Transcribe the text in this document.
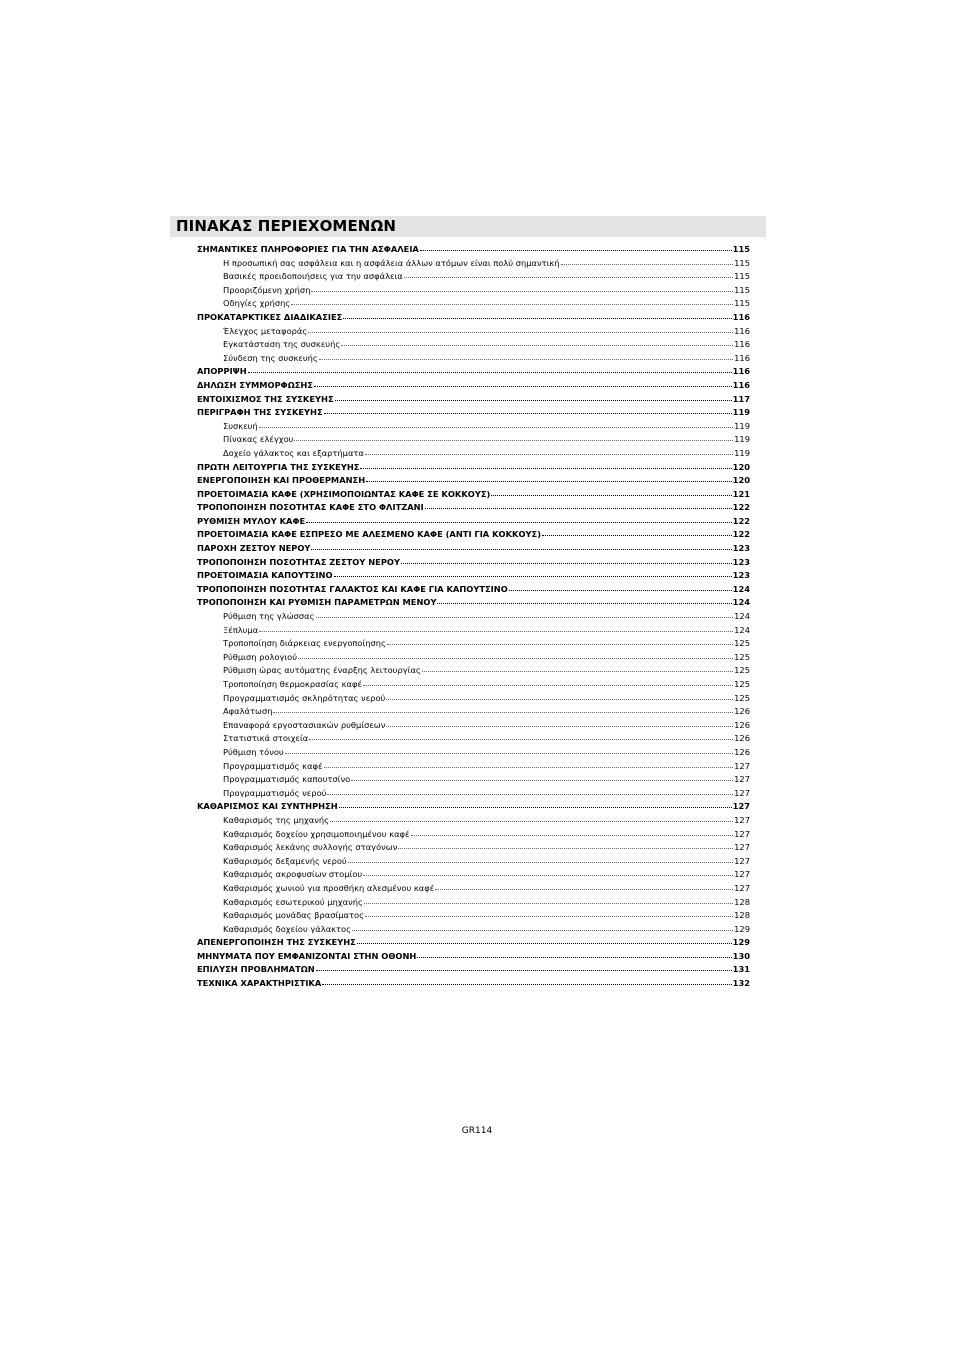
ΠΙΝΑΚΑΣ ΠΕΡΙΕΧΟΜΕΝΩΝ
ΣΗΜΑΝΤΙΚΕΣ ΠΛΗΡΟΦΟΡΙΕΣ ΓΙΑ ΤΗΝ ΑΣΦΑΛΕΙΑ	115
Η προσωπική σας ασφάλεια και η ασφάλεια άλλων ατόμων είναι πολύ σημαντική	115
Βασικές προειδοποιήσεις για την ασφάλεια	115
Προοριζόμενη χρήση	115
Οδηγίες χρήσης	115
ΠΡΟΚΑΤΑΡΚΤΙΚΕΣ ΔΙΑΔΙΚΑΣΙΕΣ	116
Έλεγχος μεταφοράς	116
Εγκατάσταση της συσκευής	116
Σύνδεση της συσκευής	116
ΑΠΟΡΡΙΨΗ	116
ΔΗΛΩΣΗ ΣΥΜΜΟΡΦΩΣΗΣ	116
ΕΝΤΟΙΧΙΣΜΟΣ ΤΗΣ ΣΥΣΚΕΥΗΣ	117
ΠΕΡΙΓΡΑΦΗ ΤΗΣ ΣΥΣΚΕΥΗΣ	119
Συσκευή	119
Πίνακας ελέγχου	119
Δοχείο γάλακτος και εξαρτήματα	119
ΠΡΩΤΗ ΛΕΙΤΟΥΡΓΙΑ ΤΗΣ ΣΥΣΚΕΥΗΣ	120
ΕΝΕΡΓΟΠΟΙΗΣΗ ΚΑΙ ΠΡΟΘΕΡΜΑΝΣΗ	120
ΠΡΟΕΤΟΙΜΑΣΙΑ ΚΑΦΕ (ΧΡΗΣΙΜΟΠΟΙΩΝΤΑΣ ΚΑΦΕ ΣΕ ΚΟΚΚΟΥΣ)	121
ΤΡΟΠΟΠΟΙΗΣΗ ΠΟΣΟΤΗΤΑΣ ΚΑΦΕ ΣΤΟ ΦΛΙΤΖΑΝΙ	122
ΡΥΘΜΙΣΗ ΜΥΛΟΥ ΚΑΦΕ	122
ΠΡΟΕΤΟΙΜΑΣΙΑ ΚΑΦΕ ΕΣΠΡΕΣΟ ΜΕ ΑΛΕΣΜΕΝΟ ΚΑΦΕ (ΑΝΤΙ ΓΙΑ ΚΟΚΚΟΥΣ)	122
ΠΑΡΟΧΗ ΖΕΣΤΟΥ ΝΕΡΟΥ	123
ΤΡΟΠΟΠΟΙΗΣΗ ΠΟΣΟΤΗΤΑΣ ΖΕΣΤΟΥ ΝΕΡΟΥ	123
ΠΡΟΕΤΟΙΜΑΣΙΑ ΚΑΠΟΥΤΣΙΝΟ	123
ΤΡΟΠΟΠΟΙΗΣΗ ΠΟΣΟΤΗΤΑΣ ΓΑΛΑΚΤΟΣ ΚΑΙ ΚΑΦΕ ΓΙΑ ΚΑΠΟΥΤΣΙΝΟ	124
ΤΡΟΠΟΠΟΙΗΣΗ ΚΑΙ ΡΥΘΜΙΣΗ ΠΑΡΑΜΕΤΡΩΝ ΜΕΝΟΥ	124
Ρύθμιση της γλώσσας	124
Ξέπλυμα	124
Τροποποίηση διάρκειας ενεργοποίησης	125
Ρύθμιση ρολογιού	125
Ρύθμιση ώρας αυτόματης έναρξης λειτουργίας	125
Τροποποίηση θερμοκρασίας καφέ	125
Προγραμματισμός σκληρότητας νερού	125
Αφαλάτωση	126
Επαναφορά εργοστασιακών ρυθμίσεων	126
Στατιστικά στοιχεία	126
Ρύθμιση τόνου	126
Προγραμματισμός καφέ	127
Προγραμματισμός καπουτσίνο	127
Προγραμματισμός νερού	127
ΚΑΘΑΡΙΣΜΟΣ ΚΑΙ ΣΥΝΤΗΡΗΣΗ	127
Καθαρισμός της μηχανής	127
Καθαρισμός δοχείου χρησιμοποιημένου καφέ	127
Καθαρισμός λεκάνης συλλογής σταγόνων	127
Καθαρισμός δεξαμενής νερού	127
Καθαρισμός ακροφυσίων στομίου	127
Καθαρισμός χωνιού για προσθήκη αλεσμένου καφέ	127
Καθαρισμός εσωτερικού μηχανής	128
Καθαρισμός μονάδας βρασίματος	128
Καθαρισμός δοχείου γάλακτος	129
ΑΠΕΝΕΡΓΟΠΟΙΗΣΗ ΤΗΣ ΣΥΣΚΕΥΗΣ	129
ΜΗΝΥΜΑΤΑ ΠΟΥ ΕΜΦΑΝΙΖΟΝΤΑΙ ΣΤΗΝ ΟΘΟΝΗ	130
ΕΠΙΛΥΣΗ ΠΡΟΒΛΗΜΑΤΩΝ	131
ΤΕΧΝΙΚΑ ΧΑΡΑΚΤΗΡΙΣΤΙΚΑ	132
GR114
